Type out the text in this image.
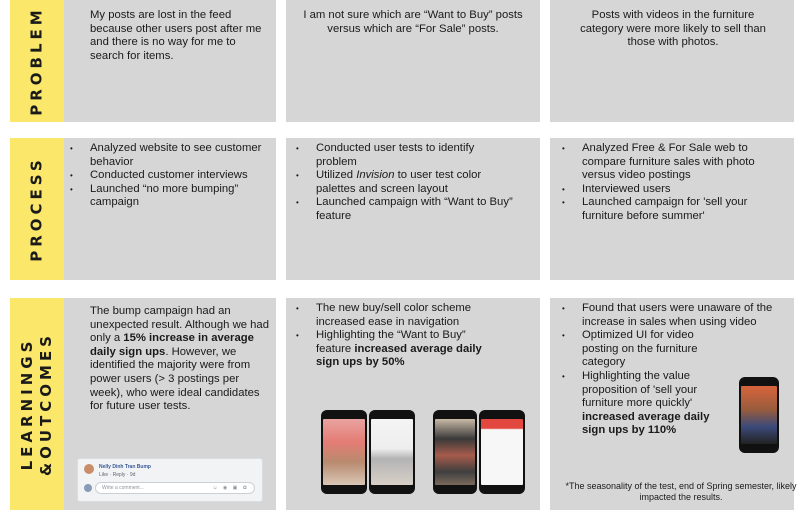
PROBLEM
PROCESS
LEARNINGS &OUTCOMES
My posts are lost in the feed because other users post after me and there is no way for me to search for items.
I am not sure which are “Want to Buy” posts versus which are “For Sale” posts.
Posts with videos in the furniture category were more likely to sell than those with photos.
• Analyzed website to see customer behavior
• Conducted customer interviews
• Launched “no more bumping” campaign
• Conducted user tests to identify problem
• Utilized Invision to user test color palettes and screen layout
• Launched campaign with “Want to Buy” feature
• Analyzed Free & For Sale web to compare furniture sales with photo versus video postings
• Interviewed users
• Launched campaign for 'sell your furniture before summer'
The bump campaign had an unexpected result. Although we had only a 15% increase in average daily sign ups. However, we identified the majority were from power users (> 3 postings per week), who were ideal candidates for future user tests.
• The new buy/sell color scheme increased ease in navigation
• Highlighting the “Want to Buy” feature increased average daily sign ups by 50%
• Found that users were unaware of the increase in sales when using video
• Optimized UI for video posting on the furniture category
• Highlighting the value proposition of 'sell your furniture more quickly' increased average daily sign ups by 110%
Nelly Dinh Tran Bump
Like · Reply · 9d
Write a comment...	☺ ◉ ▣ ✿	*The seasonality of the test, end of Spring semester, likely impacted the results.
